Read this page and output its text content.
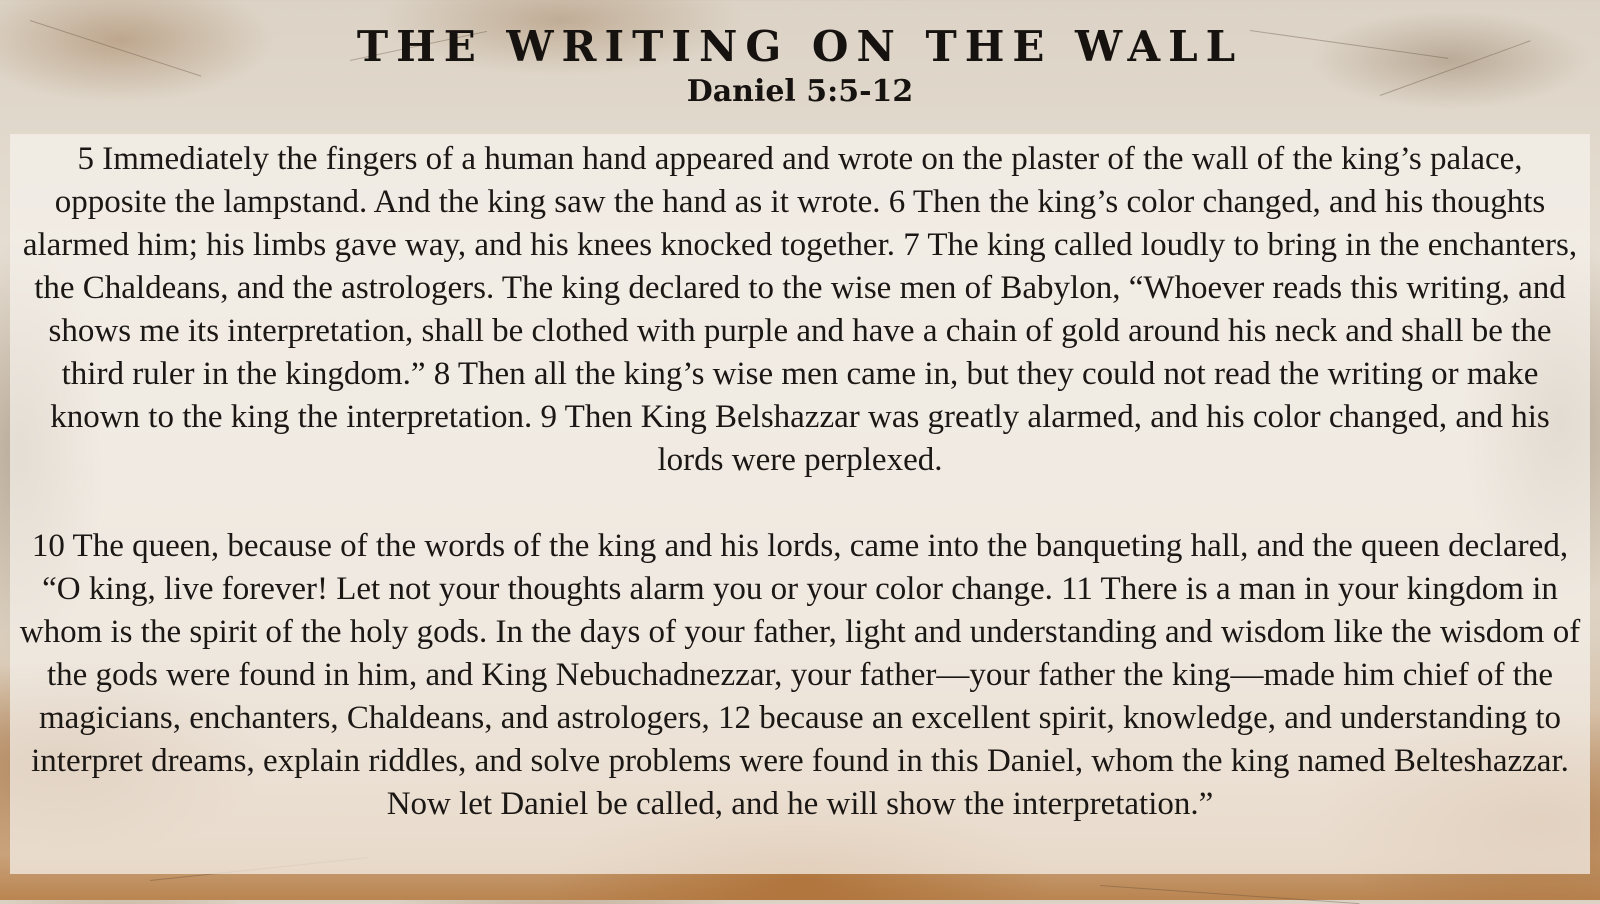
THE WRITING ON THE WALL
Daniel 5:5-12

5 Immediately the fingers of a human hand appeared and wrote on the plaster of the wall of the king’s palace, opposite the lampstand. And the king saw the hand as it wrote. 6 Then the king’s color changed, and his thoughts alarmed him; his limbs gave way, and his knees knocked together. 7 The king called loudly to bring in the enchanters, the Chaldeans, and the astrologers. The king declared to the wise men of Babylon, “Whoever reads this writing, and shows me its interpretation, shall be clothed with purple and have a chain of gold around his neck and shall be the third ruler in the kingdom.” 8 Then all the king’s wise men came in, but they could not read the writing or make known to the king the interpretation. 9 Then King Belshazzar was greatly alarmed, and his color changed, and his lords were perplexed.

10 The queen, because of the words of the king and his lords, came into the banqueting hall, and the queen declared, “O king, live forever! Let not your thoughts alarm you or your color change. 11 There is a man in your kingdom in whom is the spirit of the holy gods. In the days of your father, light and understanding and wisdom like the wisdom of the gods were found in him, and King Nebuchadnezzar, your father—your father the king—made him chief of the magicians, enchanters, Chaldeans, and astrologers, 12 because an excellent spirit, knowledge, and understanding to interpret dreams, explain riddles, and solve problems were found in this Daniel, whom the king named Belteshazzar. Now let Daniel be called, and he will show the interpretation.”
